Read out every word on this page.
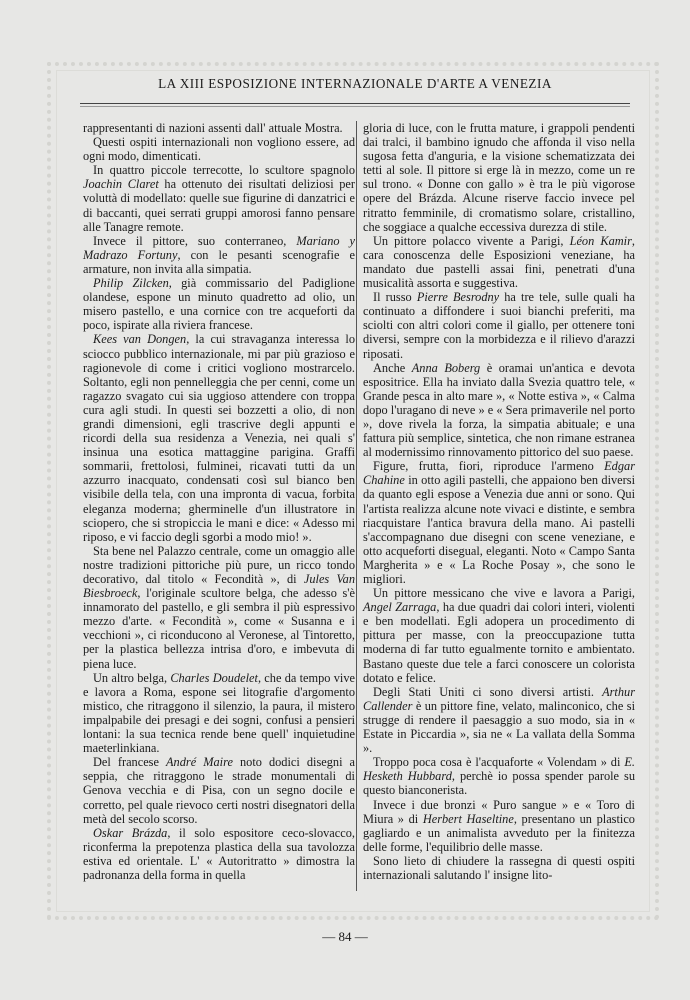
LA XIII ESPOSIZIONE INTERNAZIONALE D'ARTE A VENEZIA

rappresentanti di nazioni assenti dall' attuale Mostra.

Questi ospiti internazionali non vogliono essere, ad ogni modo, dimenticati.

In quattro piccole terrecotte, lo scultore spagnolo Joachin Claret ha ottenuto dei risultati deliziosi per voluttà di modellato: quelle sue figurine di danzatrici e di baccanti, quei serrati gruppi amorosi fanno pensare alle Tanagre remote.

Invece il pittore, suo conterraneo, Mariano y Madrazo Fortuny, con le pesanti scenografie e armature, non invita alla simpatia.

Philip Zilcken, già commissario del Padiglione olandese, espone un minuto quadretto ad olio, un misero pastello, e una cornice con tre acqueforti da poco, ispirate alla riviera francese.

Kees van Dongen, la cui stravaganza interessa lo sciocco pubblico internazionale, mi par più grazioso e ragionevole di come i critici vogliono mostrarcelo. Soltanto, egli non pennelleggia che per cenni, come un ragazzo svagato cui sia uggioso attendere con troppa cura agli studi. In questi sei bozzetti a olio, di non grandi dimensioni, egli trascrive degli appunti e ricordi della sua residenza a Venezia, nei quali s' insinua una esotica mattaggine parigina. Graffi sommarii, frettolosi, fulminei, ricavati tutti da un azzurro inacquato, condensati così sul bianco ben visibile della tela, con una impronta di vacua, forbita eleganza moderna; gherminelle d'un illustratore in sciopero, che si stropiccia le mani e dice: « Adesso mi riposo, e vi faccio degli sgorbi a modo mio! ».

Sta bene nel Palazzo centrale, come un omaggio alle nostre tradizioni pittoriche più pure, un ricco tondo decorativo, dal titolo « Fecondità », di Jules Van Biesbroeck, l'originale scultore belga, che adesso s'è innamorato del pastello, e gli sembra il più espressivo mezzo d'arte. « Fecondità », come « Susanna e i vecchioni », ci riconducono al Veronese, al Tintoretto, per la plastica bellezza intrisa d'oro, e imbevuta di piena luce.

Un altro belga, Charles Doudelet, che da tempo vive e lavora a Roma, espone sei litografie d'argomento mistico, che ritraggono il silenzio, la paura, il mistero impalpabile dei presagi e dei sogni, confusi a pensieri lontani: la sua tecnica rende bene quell' inquietudine maeterlinkiana.

Del francese André Maire noto dodici disegni a seppia, che ritraggono le strade monumentali di Genova vecchia e di Pisa, con un segno docile e corretto, pel quale rievoco certi nostri disegnatori della metà del secolo scorso.

Oskar Brázda, il solo espositore ceco-slovacco, riconferma la prepotenza plastica della sua tavolozza estiva ed orientale. L' « Autoritratto » dimostra la padronanza della forma in quella

gloria di luce, con le frutta mature, i grappoli pendenti dai tralci, il bambino ignudo che affonda il viso nella sugosa fetta d'anguria, e la visione schematizzata dei tetti al sole. Il pittore si erge là in mezzo, come un re sul trono. « Donne con gallo » è tra le più vigorose opere del Brázda. Alcune riserve faccio invece pel ritratto femminile, di cromatismo solare, cristallino, che soggiace a qualche eccessiva durezza di stile.

Un pittore polacco vivente a Parigi, Léon Kamir, cara conoscenza delle Esposizioni veneziane, ha mandato due pastelli assai fini, penetrati d'una musicalità assorta e suggestiva.

Il russo Pierre Besrodny ha tre tele, sulle quali ha continuato a diffondere i suoi bianchi preferiti, ma sciolti con altri colori come il giallo, per ottenere toni diversi, sempre con la morbidezza e il rilievo d'arazzi riposati.

Anche Anna Boberg è oramai un'antica e devota espositrice. Ella ha inviato dalla Svezia quattro tele, « Grande pesca in alto mare », « Notte estiva », « Calma dopo l'uragano di neve » e « Sera primaverile nel porto », dove rivela la forza, la simpatia abituale; e una fattura più semplice, sintetica, che non rimane estranea al modernissimo rinnovamento pittorico del suo paese.

Figure, frutta, fiori, riproduce l'armeno Edgar Chahine in otto agili pastelli, che appaiono ben diversi da quanto egli espose a Venezia due anni or sono. Qui l'artista realizza alcune note vivaci e distinte, e sembra riacquistare l'antica bravura della mano. Ai pastelli s'accompagnano due disegni con scene veneziane, e otto acqueforti disegual, eleganti. Noto « Campo Santa Margherita » e « La Roche Posay », che sono le migliori.

Un pittore messicano che vive e lavora a Parigi, Angel Zarraga, ha due quadri dai colori interi, violenti e ben modellati. Egli adopera un procedimento di pittura per masse, con la preoccupazione tutta moderna di far tutto egualmente tornito e ambientato. Bastano queste due tele a farci conoscere un colorista dotato e felice.

Degli Stati Uniti ci sono diversi artisti. Arthur Callender è un pittore fine, velato, malinconico, che si strugge di rendere il paesaggio a suo modo, sia in « Estate in Piccardia », sia ne « La vallata della Somma ».

Troppo poca cosa è l'acquaforte « Volendam » di E. Hesketh Hubbard, perchè io possa spender parole su questo bianconerista.

Invece i due bronzi « Puro sangue » e « Toro di Miura » di Herbert Haseltine, presentano un plastico gagliardo e un animalista avveduto per la finitezza delle forme, l'equilibrio delle masse.

Sono lieto di chiudere la rassegna di questi ospiti internazionali salutando l' insigne lito-

— 84 —
